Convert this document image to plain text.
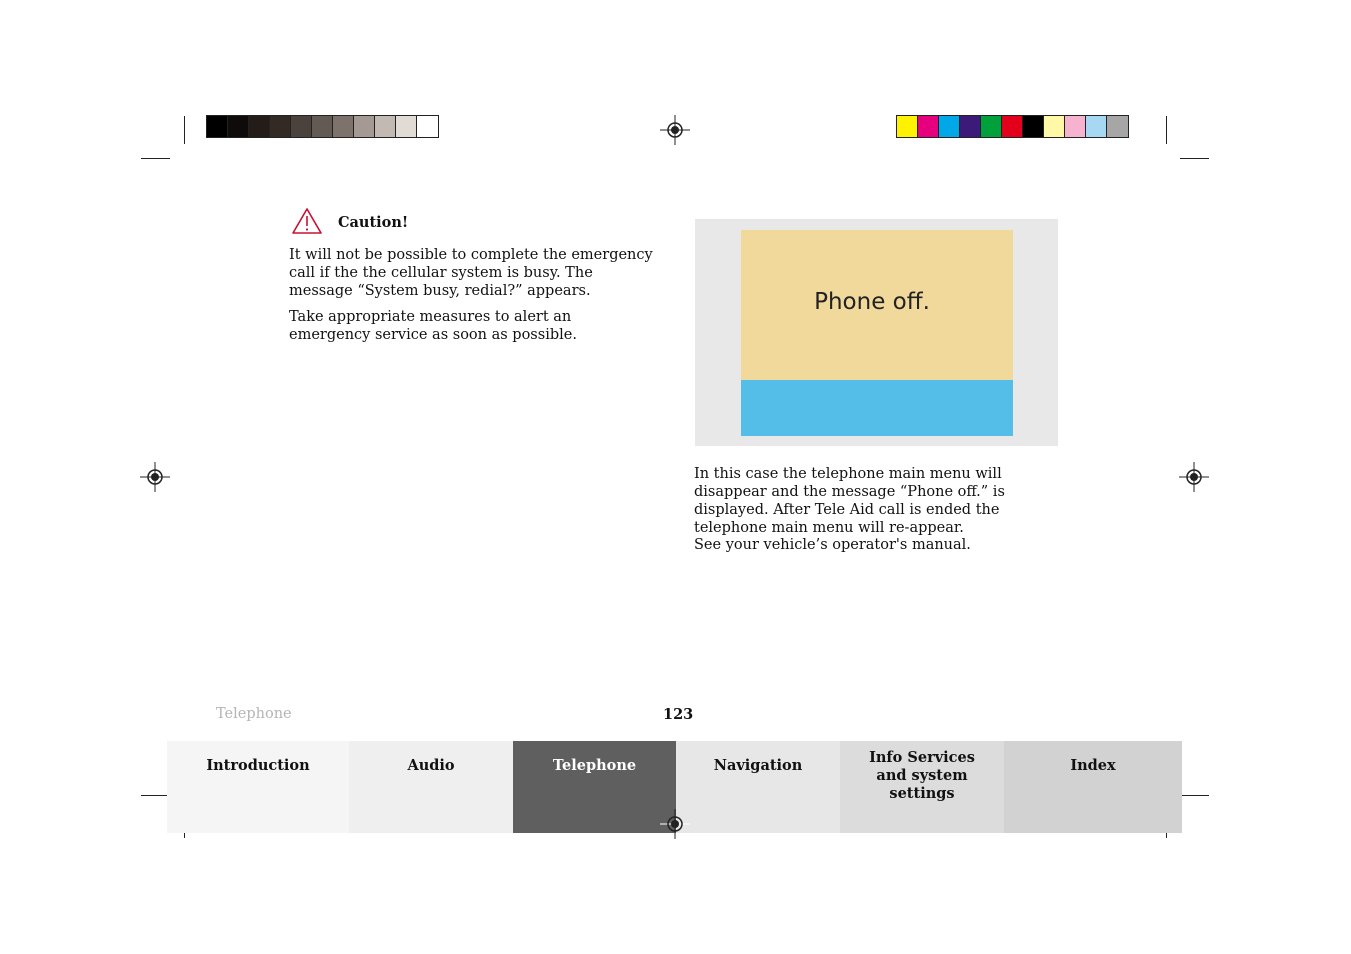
Caution!

It will not be possible to complete the emergency call if the the cellular system is busy. The message “System busy, redial?” appears.

Take appropriate measures to alert an emergency service as soon as possible.

Phone off.

In this case the telephone main menu will disappear and the message “Phone off.” is displayed. After Tele Aid call is ended the telephone main menu will re-appear.

See your vehicle’s operator's manual.

Telephone	123
Introduction	Audio	Telephone	Navigation	Info Services and system settings
Index
